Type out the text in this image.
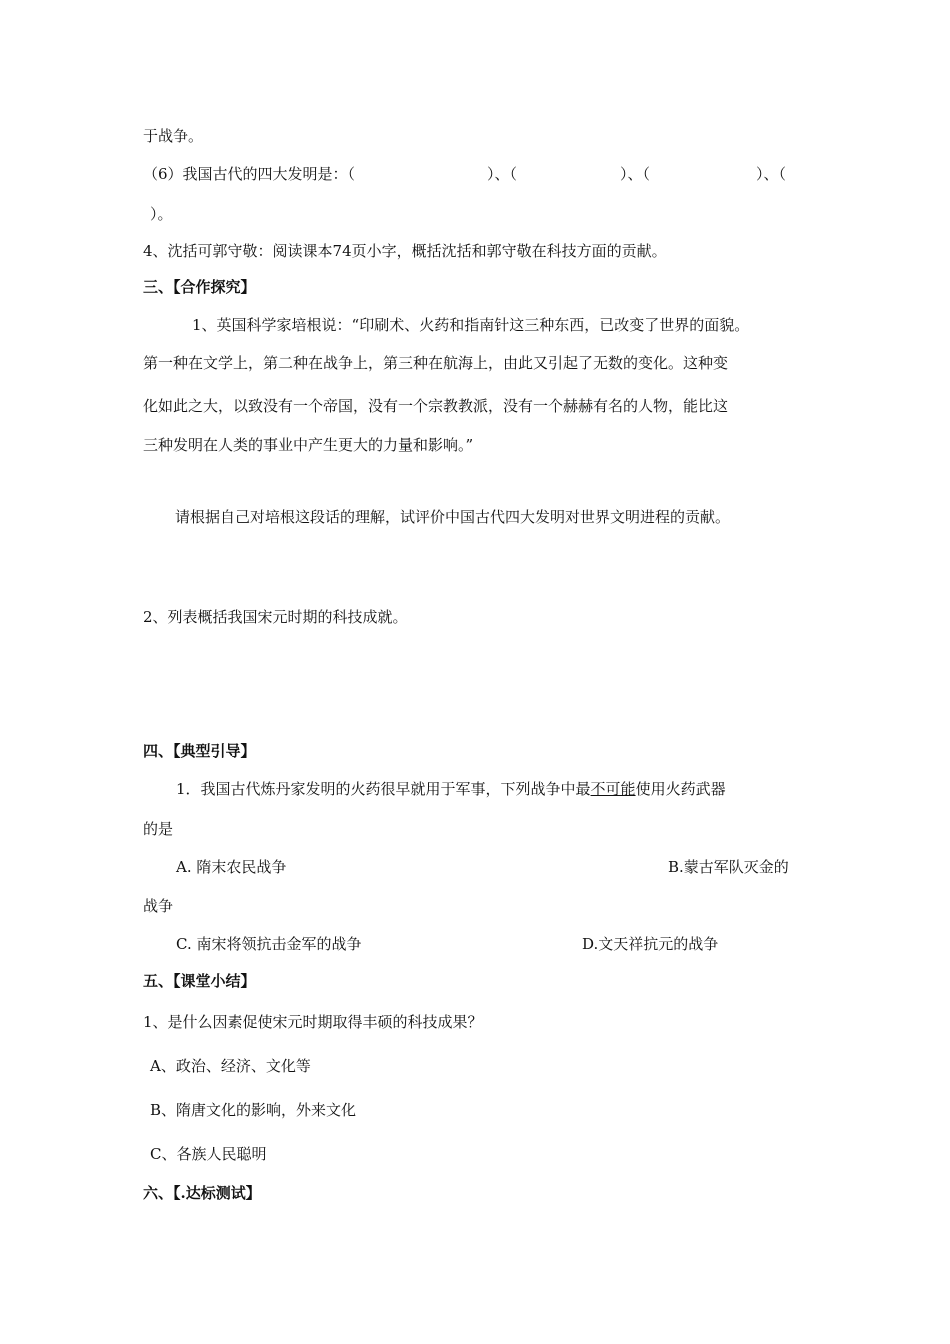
于战争。
（6）我国古代的四大发明是：（	）、（	）、（	）、（
）。
4、沈括可郭守敬：阅读课本74页小字，概括沈括和郭守敬在科技方面的贡献。
三、【合作探究】
1、英国科学家培根说：“印刷术、火药和指南针这三种东西，已改变了世界的面貌。
第一种在文学上，第二种在战争上，第三种在航海上，由此又引起了无数的变化。这种变
化如此之大，以致没有一个帝国，没有一个宗教教派，没有一个赫赫有名的人物，能比这
三种发明在人类的事业中产生更大的力量和影响。”
请根据自己对培根这段话的理解，试评价中国古代四大发明对世界文明进程的贡献。
2、列表概括我国宋元时期的科技成就。
四、【典型引导】
1．我国古代炼丹家发明的火药很早就用于军事，下列战争中最不可能使用火药武器
的是
A. 隋末农民战争	B.蒙古军队灭金的
战争
C. 南宋将领抗击金军的战争	D.文天祥抗元的战争
五、【课堂小结】
1、是什么因素促使宋元时期取得丰硕的科技成果？
A、政治、经济、文化等
B、隋唐文化的影响，外来文化
C、各族人民聪明
六、【.达标测试】
